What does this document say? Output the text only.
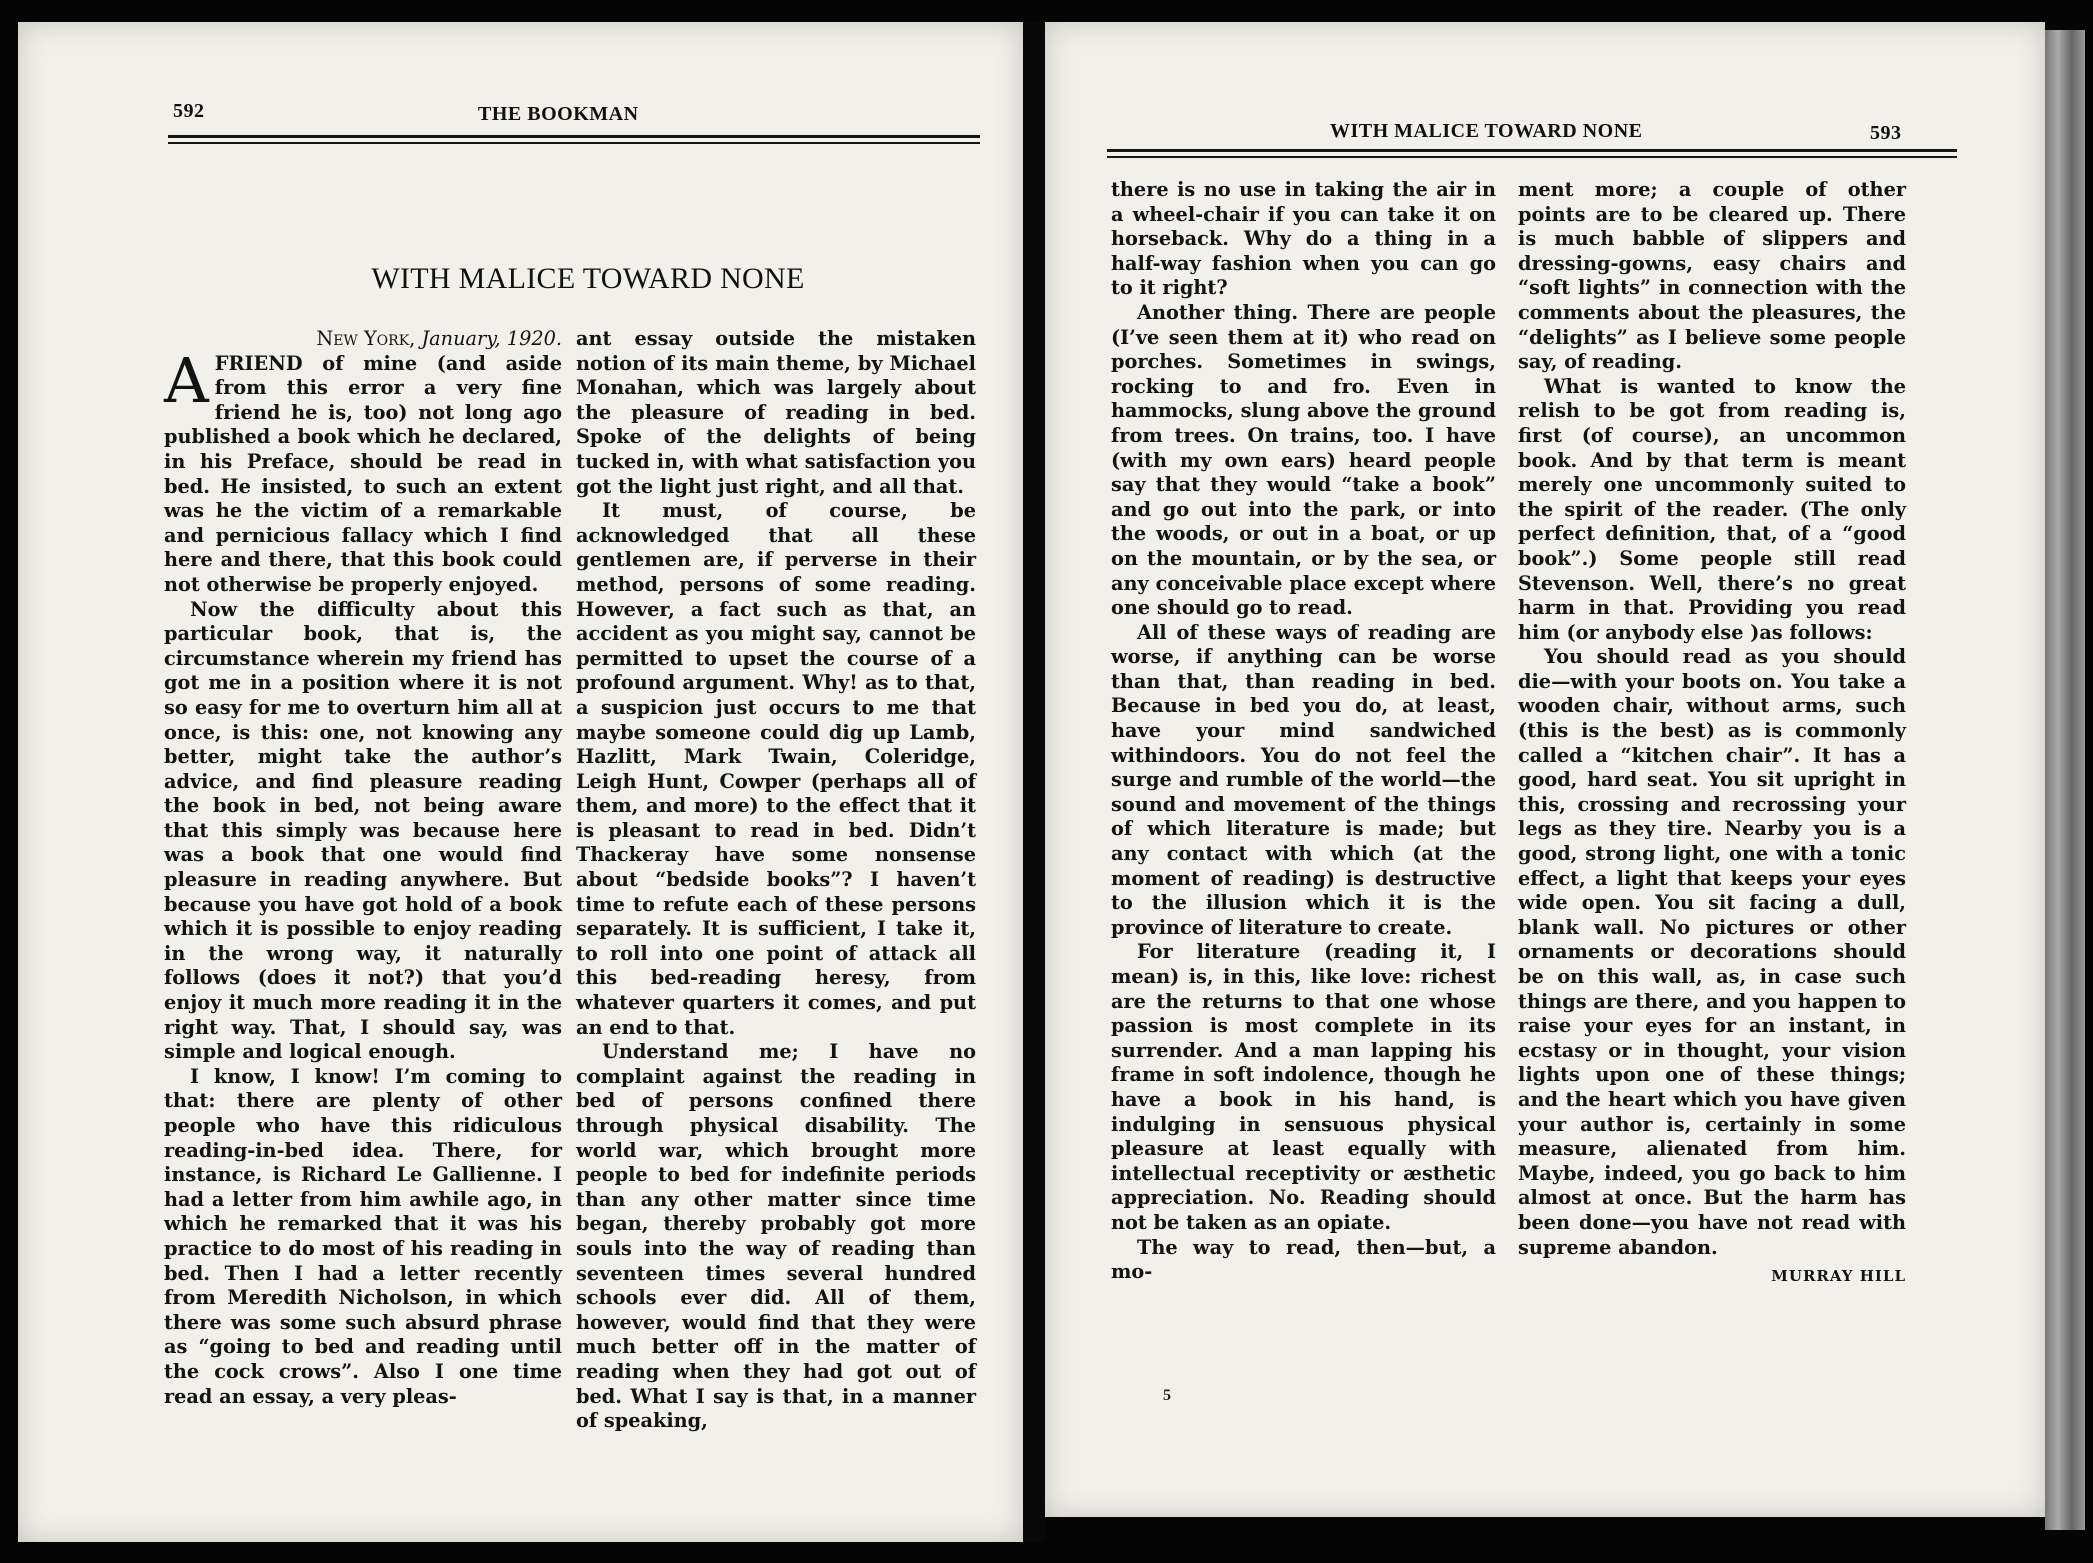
592	THE BOOKMAN
WITH MALICE TOWARD NONE
New York, January, 1920.

AFRIEND of mine (and aside from this error a very fine friend he is, too) not long ago published a book which he declared, in his Preface, should be read in bed. He insisted, to such an extent was he the victim of a remarkable and pernicious fallacy which I find here and there, that this book could not otherwise be properly enjoyed.

Now the difficulty about this particular book, that is, the circumstance wherein my friend has got me in a position where it is not so easy for me to overturn him all at once, is this: one, not knowing any better, might take the author’s advice, and find pleasure reading the book in bed, not being aware that this simply was because here was a book that one would find pleasure in reading anywhere. But because you have got hold of a book which it is possible to enjoy reading in the wrong way, it naturally follows (does it not?) that you’d enjoy it much more reading it in the right way. That, I should say, was simple and logical enough.

I know, I know! I’m coming to that: there are plenty of other people who have this ridiculous reading-in-bed idea. There, for instance, is Richard Le Gallienne. I had a letter from him awhile ago, in which he remarked that it was his practice to do most of his reading in bed. Then I had a letter recently from Meredith Nicholson, in which there was some such absurd phrase as “going to bed and reading until the cock crows”. Also I one time read an essay, a very pleas-

ant essay outside the mistaken notion of its main theme, by Michael Monahan, which was largely about the pleasure of reading in bed. Spoke of the delights of being tucked in, with what satisfaction you got the light just right, and all that.

It must, of course, be acknowledged that all these gentlemen are, if perverse in their method, persons of some reading. However, a fact such as that, an accident as you might say, cannot be permitted to upset the course of a profound argument. Why! as to that, a suspicion just occurs to me that maybe someone could dig up Lamb, Hazlitt, Mark Twain, Coleridge, Leigh Hunt, Cowper (perhaps all of them, and more) to the effect that it is pleasant to read in bed. Didn’t Thackeray have some nonsense about “bedside books”? I haven’t time to refute each of these persons separately. It is sufficient, I take it, to roll into one point of attack all this bed-reading heresy, from whatever quarters it comes, and put an end to that.

Understand me; I have no complaint against the reading in bed of persons confined there through physical disability. The world war, which brought more people to bed for indefinite periods than any other matter since time began, thereby probably got more souls into the way of reading than seventeen times several hundred schools ever did. All of them, however, would find that they were much better off in the matter of reading when they had got out of bed. What I say is that, in a manner of speaking,

WITH MALICE TOWARD NONE	593

there is no use in taking the air in a wheel-chair if you can take it on horseback. Why do a thing in a half-way fashion when you can go to it right?

Another thing. There are people (I’ve seen them at it) who read on porches. Sometimes in swings, rocking to and fro. Even in hammocks, slung above the ground from trees. On trains, too. I have (with my own ears) heard people say that they would “take a book” and go out into the park, or into the woods, or out in a boat, or up on the mountain, or by the sea, or any conceivable place except where one should go to read.

All of these ways of reading are worse, if anything can be worse than that, than reading in bed. Because in bed you do, at least, have your mind sandwiched withindoors. You do not feel the surge and rumble of the world—the sound and movement of the things of which literature is made; but any contact with which (at the moment of reading) is destructive to the illusion which it is the province of literature to create.

For literature (reading it, I mean) is, in this, like love: richest are the returns to that one whose passion is most complete in its surrender. And a man lapping his frame in soft indolence, though he have a book in his hand, is indulging in sensuous physical pleasure at least equally with intellectual receptivity or æsthetic appreciation. No. Reading should not be taken as an opiate.

The way to read, then—but, a mo-

ment more; a couple of other points are to be cleared up. There is much babble of slippers and dressing-gowns, easy chairs and “soft lights” in connection with the comments about the pleasures, the “delights” as I believe some people say, of reading.

What is wanted to know the relish to be got from reading is, first (of course), an uncommon book. And by that term is meant merely one uncommonly suited to the spirit of the reader. (The only perfect definition, that, of a “good book”.) Some people still read Stevenson. Well, there’s no great harm in that. Providing you read him (or anybody else )as follows:

You should read as you should die—with your boots on. You take a wooden chair, without arms, such (this is the best) as is commonly called a “kitchen chair”. It has a good, hard seat. You sit upright in this, crossing and recrossing your legs as they tire. Nearby you is a good, strong light, one with a tonic effect, a light that keeps your eyes wide open. You sit facing a dull, blank wall. No pictures or other ornaments or decorations should be on this wall, as, in case such things are there, and you happen to raise your eyes for an instant, in ecstasy or in thought, your vision lights upon one of these things; and the heart which you have given your author is, certainly in some measure, alienated from him. Maybe, indeed, you go back to him almost at once. But the harm has been done—you have not read with supreme abandon.

MURRAY HILL
5
